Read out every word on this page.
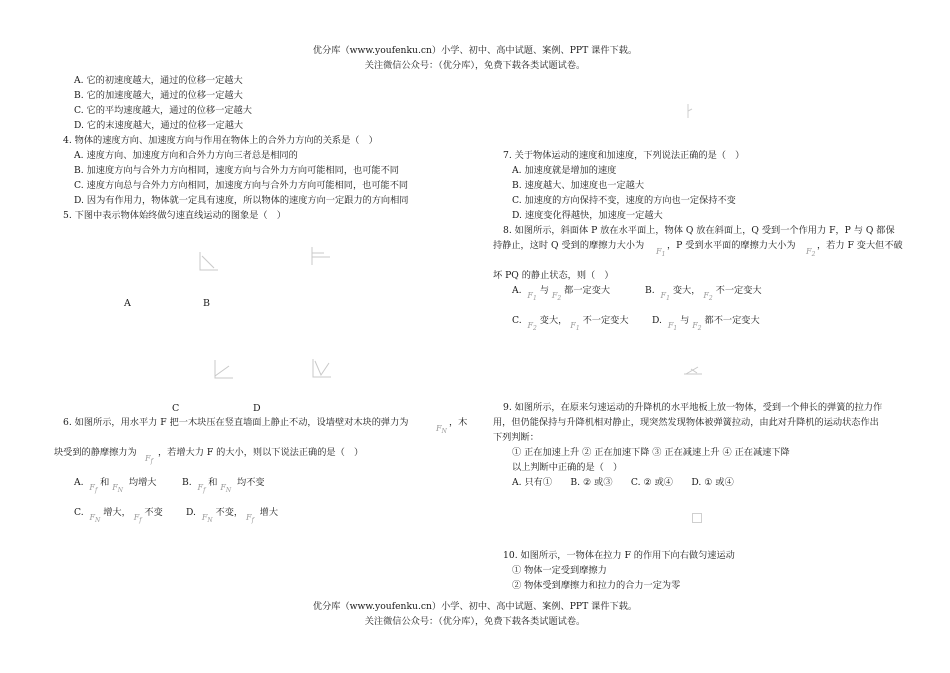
优分库（www.youfenku.cn）小学、初中、高中试题、案例、PPT 课件下载。
关注微信公众号：（优分库），免费下载各类试题试卷。
A. 它的初速度越大，通过的位移一定越大
B. 它的加速度越大，通过的位移一定越大
C. 它的平均速度越大，通过的位移一定越大
D. 它的末速度越大，通过的位移一定越大
4. 物体的速度方向、加速度方向与作用在物体上的合外力方向的关系是（　）
A. 速度方向、加速度方向和合外力方向三者总是相同的
B. 加速度方向与合外力方向相同，速度方向与合外力方向可能相同，也可能不同
C. 速度方向总与合外力方向相同，加速度方向与合外力方向可能相同，也可能不同
D. 因为有作用力，物体就一定具有速度，所以物体的速度方向一定跟力的方向相同
5. 下图中表示物体始终做匀速直线运动的图象是（　）
A	B
C	D
6. 如图所示，用水平力 F 把一木块压在竖直墙面上静止不动，设墙壁对木块的弹力为
$F_N$
，木
块受到的静摩擦力为
$F_f$
，若增大力 F 的大小，则以下说法正确的是（　）
A. $F_f$ 和 $F_N$  均增大	B. $F_f$ 和 $F_N$  均不变
C. $F_N$ 增大， $F_f$ 不变	D. $F_N$ 不变， $F_f$  增大
7. 关于物体运动的速度和加速度，下列说法正确的是（　）
A. 加速度就是增加的速度
B. 速度越大、加速度也一定越大
C. 加速度的方向保持不变，速度的方向也一定保持不变
D. 速度变化得越快，加速度一定越大
8. 如图所示，斜面体 P 放在水平面上，物体 Q 放在斜面上，Q 受到一个作用力 F，P 与 Q 都保
持静止，这时 Q 受到的摩擦力大小为
$F_1$
，P 受到水平面的摩擦力大小为
$F_2$
，若力 F 变大但不破
坏 PQ 的静止状态，则（　）
A. $F_1$ 与 $F_2$ 都一定变大	B. $F_1$ 变大， $F_2$ 不一定变大
C. $F_2$ 变大， $F_1$ 不一定变大	D. $F_1$ 与 $F_2$ 都不一定变大
9. 如图所示，在原来匀速运动的升降机的水平地板上放一物体，受到一个伸长的弹簧的拉力作
用，但仍能保持与升降机相对静止，现突然发现物体被弹簧拉动，由此对升降机的运动状态作出
下列判断：
① 正在加速上升 ② 正在加速下降 ③ 正在减速上升 ④ 正在减速下降
以上判断中正确的是（　）
A. 只有①　　B. ② 或③　　C. ② 或④　　D. ① 或④
10. 如图所示，一物体在拉力 F 的作用下向右做匀速运动
① 物体一定受到摩擦力
② 物体受到摩擦力和拉力的合力一定为零
优分库（www.youfenku.cn）小学、初中、高中试题、案例、PPT 课件下载。
关注微信公众号：（优分库），免费下载各类试题试卷。
